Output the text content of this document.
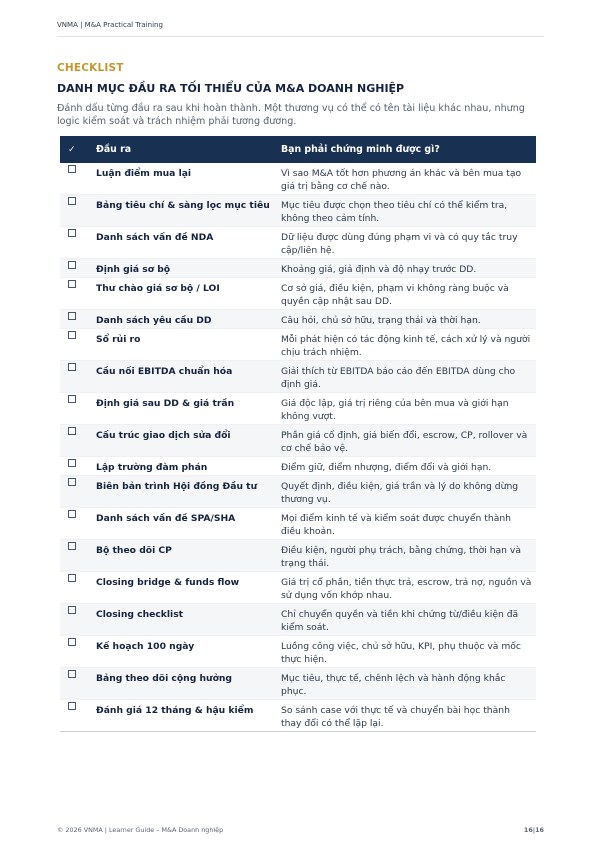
VNMA | M&A Practical Training
CHECKLIST
DANH MỤC ĐẦU RA TỐI THIỂU CỦA M&A DOANH NGHIỆP
Đánh dấu từng đầu ra sau khi hoàn thành. Một thương vụ có thể có tên tài liệu khác nhau, nhưng logic kiểm soát và trách nhiệm phải tương đương.
✓	Đầu ra	Bạn phải chứng minh được gì?
	Luận điểm mua lại	Vì sao M&A tốt hơn phương án khác và bên mua tạo giá trị bằng cơ chế nào.
	Bảng tiêu chí & sàng lọc mục tiêu	Mục tiêu được chọn theo tiêu chí có thể kiểm tra, không theo cảm tính.
	Danh sách vấn đề NDA	Dữ liệu được dùng đúng phạm vi và có quy tắc truy cập/liên hệ.
	Định giá sơ bộ	Khoảng giá, giả định và độ nhạy trước DD.
	Thư chào giá sơ bộ / LOI	Cơ sở giá, điều kiện, phạm vi không ràng buộc và quyền cập nhật sau DD.
	Danh sách yêu cầu DD	Câu hỏi, chủ sở hữu, trạng thái và thời hạn.
	Sổ rủi ro	Mỗi phát hiện có tác động kinh tế, cách xử lý và người chịu trách nhiệm.
	Cầu nối EBITDA chuẩn hóa	Giải thích từ EBITDA báo cáo đến EBITDA dùng cho định giá.
	Định giá sau DD & giá trần	Giá độc lập, giá trị riêng của bên mua và giới hạn không vượt.
	Cấu trúc giao dịch sửa đổi	Phần giá cố định, giá biến đổi, escrow, CP, rollover và cơ chế bảo vệ.
	Lập trường đàm phán	Điểm giữ, điểm nhượng, điểm đổi và giới hạn.
	Biên bản trình Hội đồng Đầu tư	Quyết định, điều kiện, giá trần và lý do không dừng thương vụ.
	Danh sách vấn đề SPA/SHA	Mọi điểm kinh tế và kiểm soát được chuyển thành điều khoản.
	Bộ theo dõi CP	Điều kiện, người phụ trách, bằng chứng, thời hạn và trạng thái.
	Closing bridge & funds flow	Giá trị cổ phần, tiền thực trả, escrow, trả nợ, nguồn và sử dụng vốn khớp nhau.
	Closing checklist	Chỉ chuyển quyền và tiền khi chứng từ/điều kiện đã kiểm soát.
	Kế hoạch 100 ngày	Luồng công việc, chủ sở hữu, KPI, phụ thuộc và mốc thực hiện.
	Bảng theo dõi cộng hưởng	Mục tiêu, thực tế, chênh lệch và hành động khắc phục.
	Đánh giá 12 tháng & hậu kiểm	So sánh case với thực tế và chuyển bài học thành thay đổi có thể lặp lại.
© 2026 VNMA | Learner Guide – M&A Doanh nghiệp	16|16
